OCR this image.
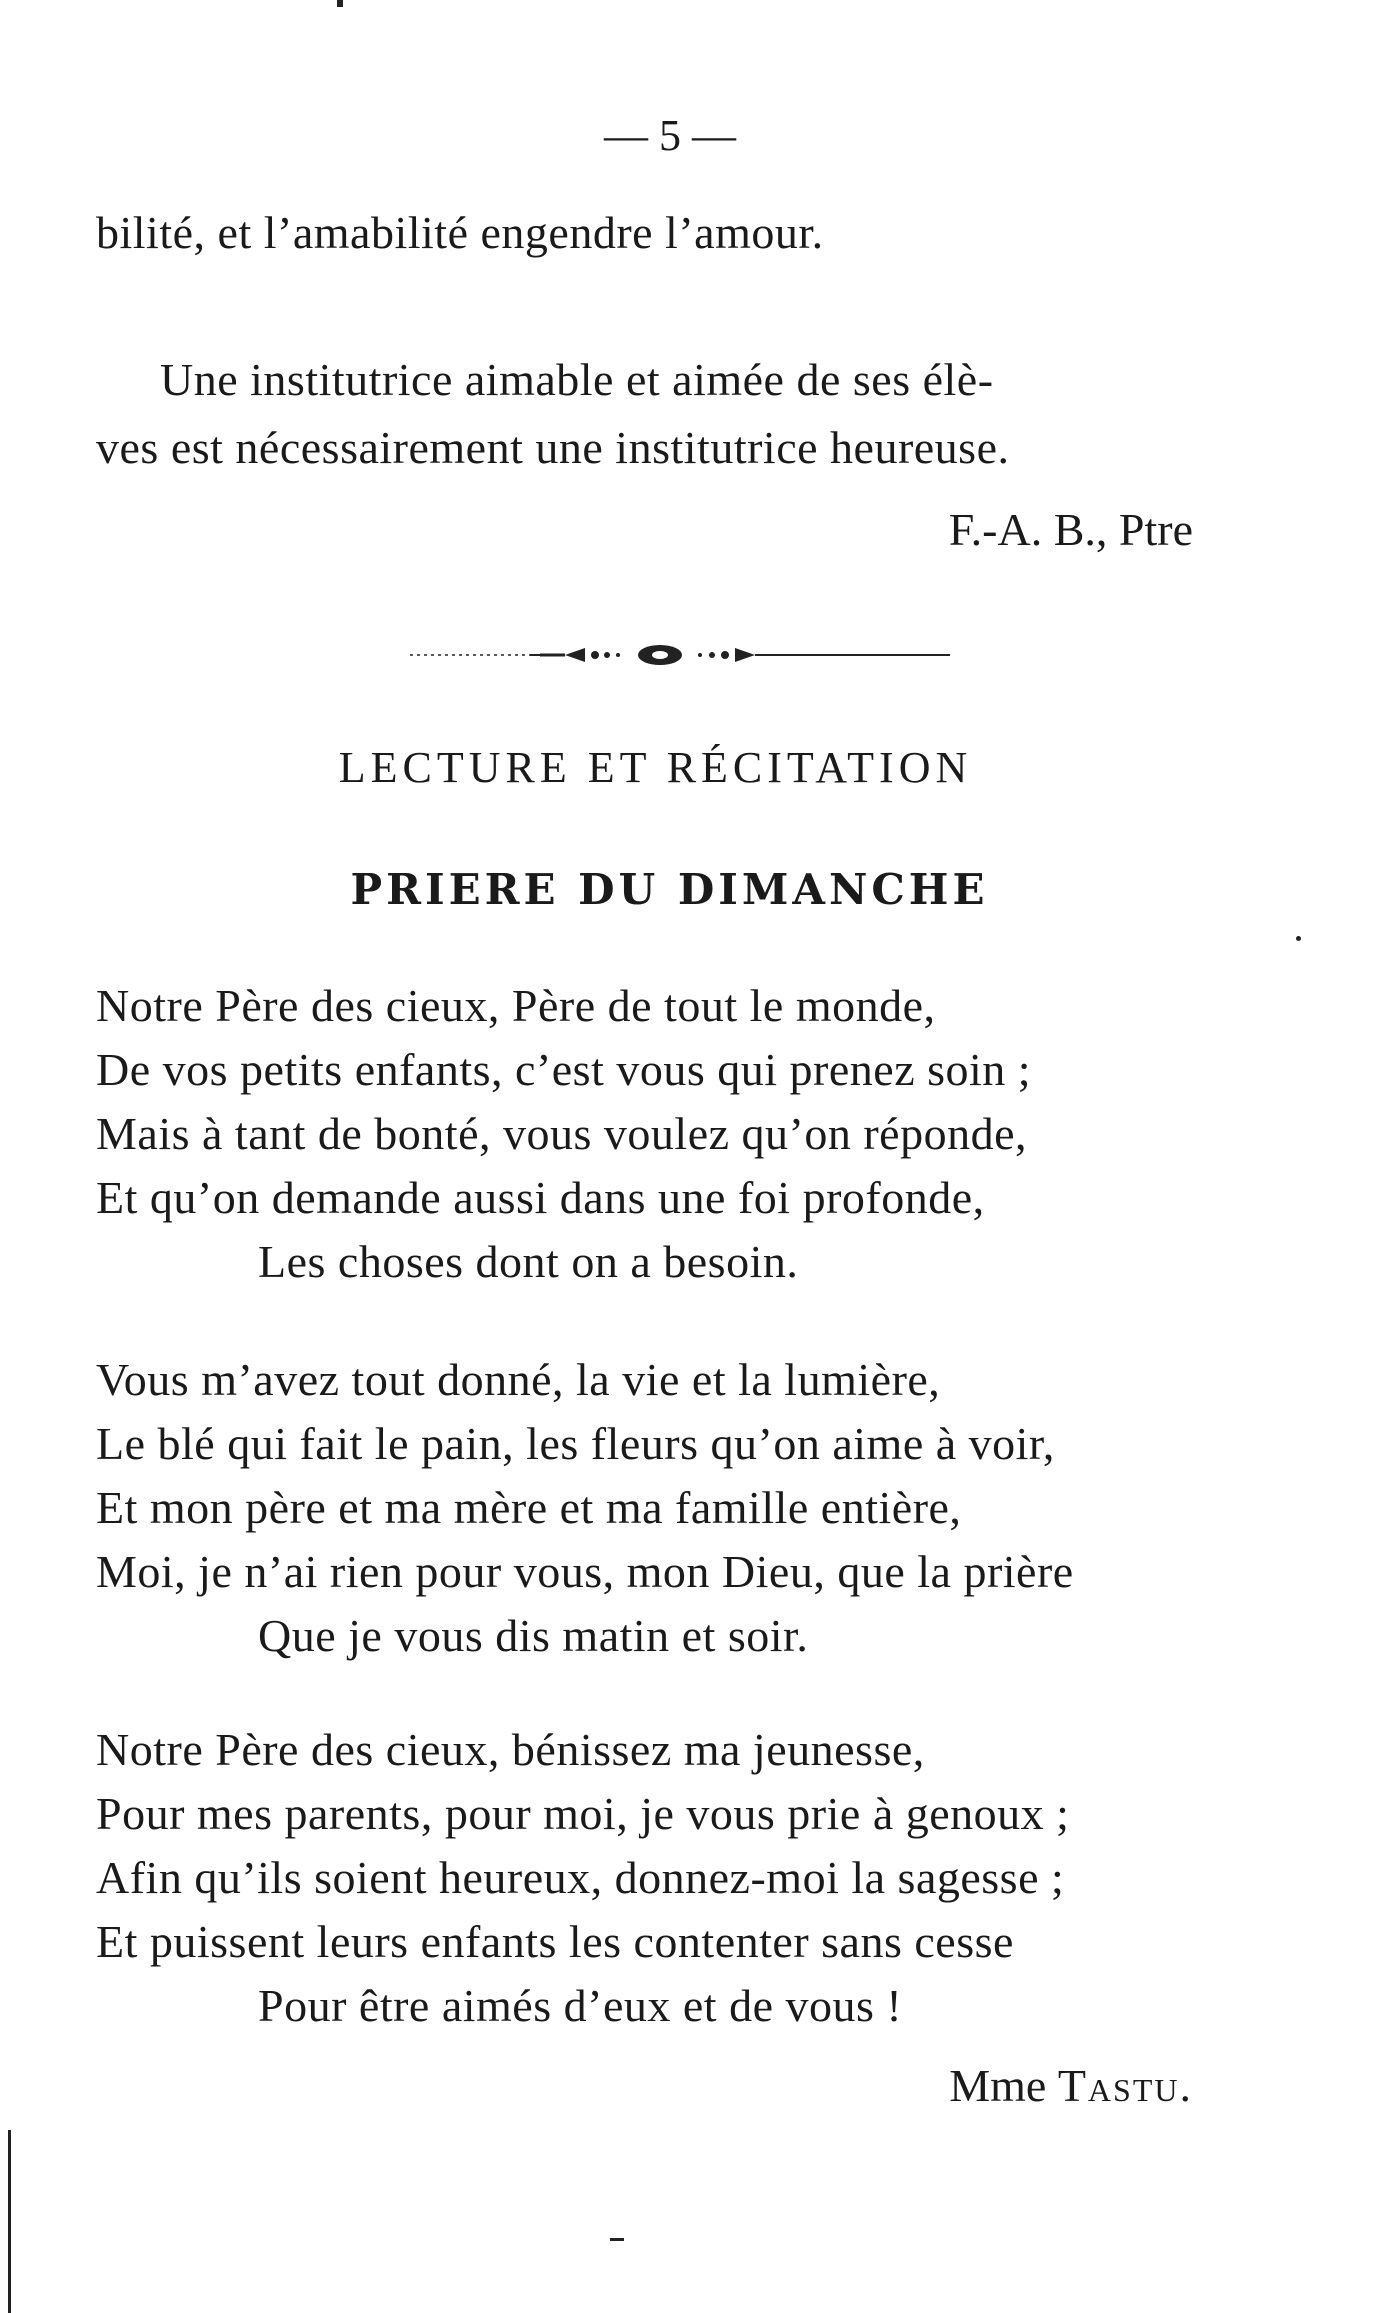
— 5 —
bilité, et l’amabilité engendre l’amour.
Une institutrice aimable et aimée de ses élè-
ves est nécessairement une institutrice heureuse.
F.-A. B., Ptre
LECTURE ET RÉCITATION
PRIERE DU DIMANCHE
Notre Père des cieux, Père de tout le monde,
De vos petits enfants, c’est vous qui prenez soin ;
Mais à tant de bonté, vous voulez qu’on réponde,
Et qu’on demande aussi dans une foi profonde,
Les choses dont on a besoin.
Vous m’avez tout donné, la vie et la lumière,
Le blé qui fait le pain, les fleurs qu’on aime à voir,
Et mon père et ma mère et ma famille entière,
Moi, je n’ai rien pour vous, mon Dieu, que la prière
Que je vous dis matin et soir.
Notre Père des cieux, bénissez ma jeunesse,
Pour mes parents, pour moi, je vous prie à genoux ;
Afin qu’ils soient heureux, donnez-moi la sagesse ;
Et puissent leurs enfants les contenter sans cesse
Pour être aimés d’eux et de vous !
Mme Tastu.
